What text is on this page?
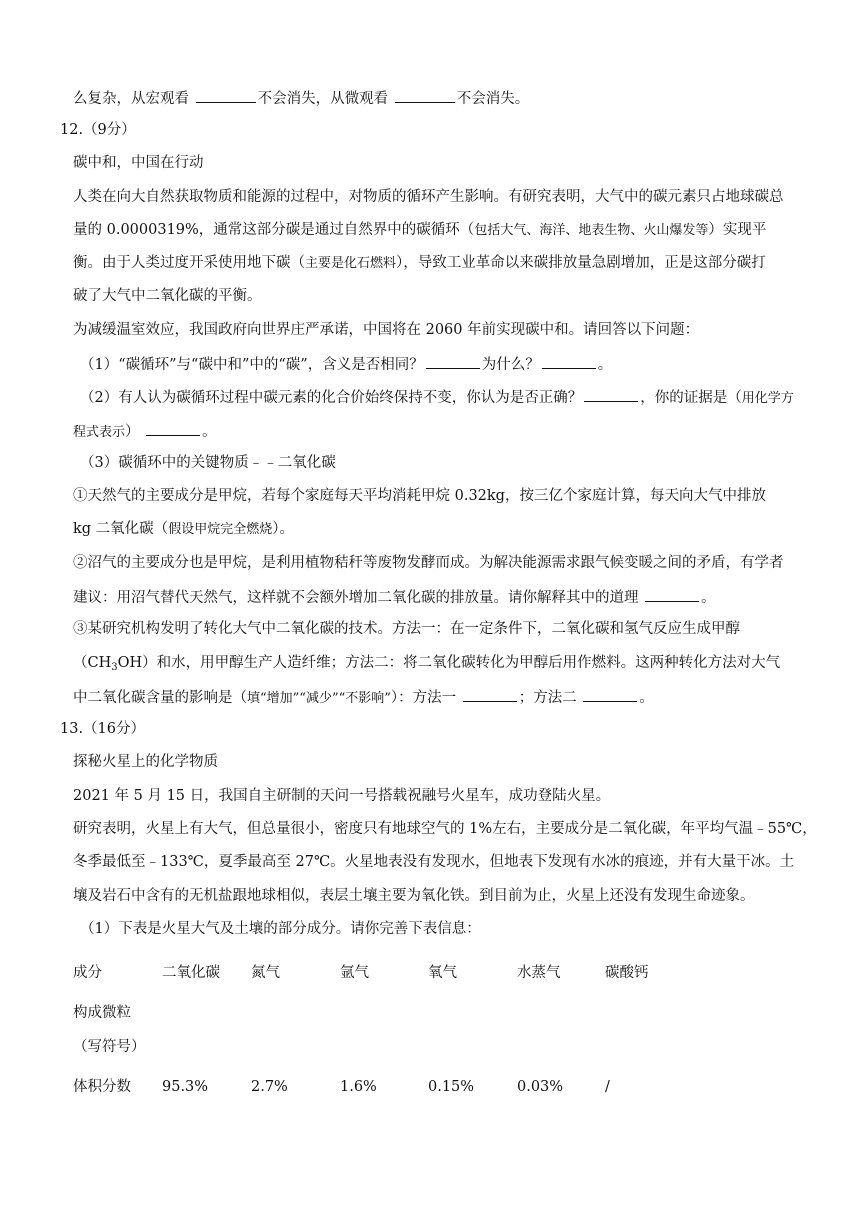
么复杂，从宏观看	不会消失，从微观看	不会消失。
12.（9分）
碳中和，中国在行动
人类在向大自然获取物质和能源的过程中，对物质的循环产生影响。有研究表明，大气中的碳元素只占地球碳总
量的 0.0000319%，通常这部分碳是通过自然界中的碳循环（包括大气、海洋、地表生物、火山爆发等）实现平
衡。由于人类过度开采使用地下碳（主要是化石燃料），导致工业革命以来碳排放量急剧增加，正是这部分碳打
破了大气中二氧化碳的平衡。
为减缓温室效应，我国政府向世界庄严承诺，中国将在 2060 年前实现碳中和。请回答以下问题：
（1）“碳循环”与“碳中和”中的“碳”，含义是否相同？	为什么？	。
（2）有人认为碳循环过程中碳元素的化合价始终保持不变，你认为是否正确？	，你的证据是（用化学方
程式表示）	。
（3）碳循环中的关键物质﹣﹣二氧化碳
①天然气的主要成分是甲烷，若每个家庭每天平均消耗甲烷 0.32kg，按三亿个家庭计算，每天向大气中排放
kg 二氧化碳（假设甲烷完全燃烧）。
②沼气的主要成分也是甲烷，是利用植物秸秆等废物发酵而成。为解决能源需求跟气候变暖之间的矛盾，有学者
建议：用沼气替代天然气，这样就不会额外增加二氧化碳的排放量。请你解释其中的道理	。
③某研究机构发明了转化大气中二氧化碳的技术。方法一：在一定条件下，二氧化碳和氢气反应生成甲醇
$(CH_3OH)$和水，用甲醇生产人造纤维；方法二：将二氧化碳转化为甲醇后用作燃料。这两种转化方法对大气
中二氧化碳含量的影响是（填“增加”“减少”“不影响”）：方法一	；方法二	。
13.（16分）
探秘火星上的化学物质
2021 年 5 月 15 日，我国自主研制的天问一号搭载祝融号火星车，成功登陆火星。
研究表明，火星上有大气，但总量很小，密度只有地球空气的 1%左右，主要成分是二氧化碳，年平均气温﹣55℃，
冬季最低至﹣133℃，夏季最高至 27℃。火星地表没有发现水，但地表下发现有水冰的痕迹，并有大量干冰。土
壤及岩石中含有的无机盐跟地球相似，表层土壤主要为氧化铁。到目前为止，火星上还没有发现生命迹象。
（1）下表是火星大气及土壤的部分成分。请你完善下表信息：
成分	二氧化碳 氮气	氩气	氧气	水蒸气	碳酸钙
构成微粒
（写符号）
体积分数 95.3%	2.7%	1.6%	0.15%	0.03%	/
